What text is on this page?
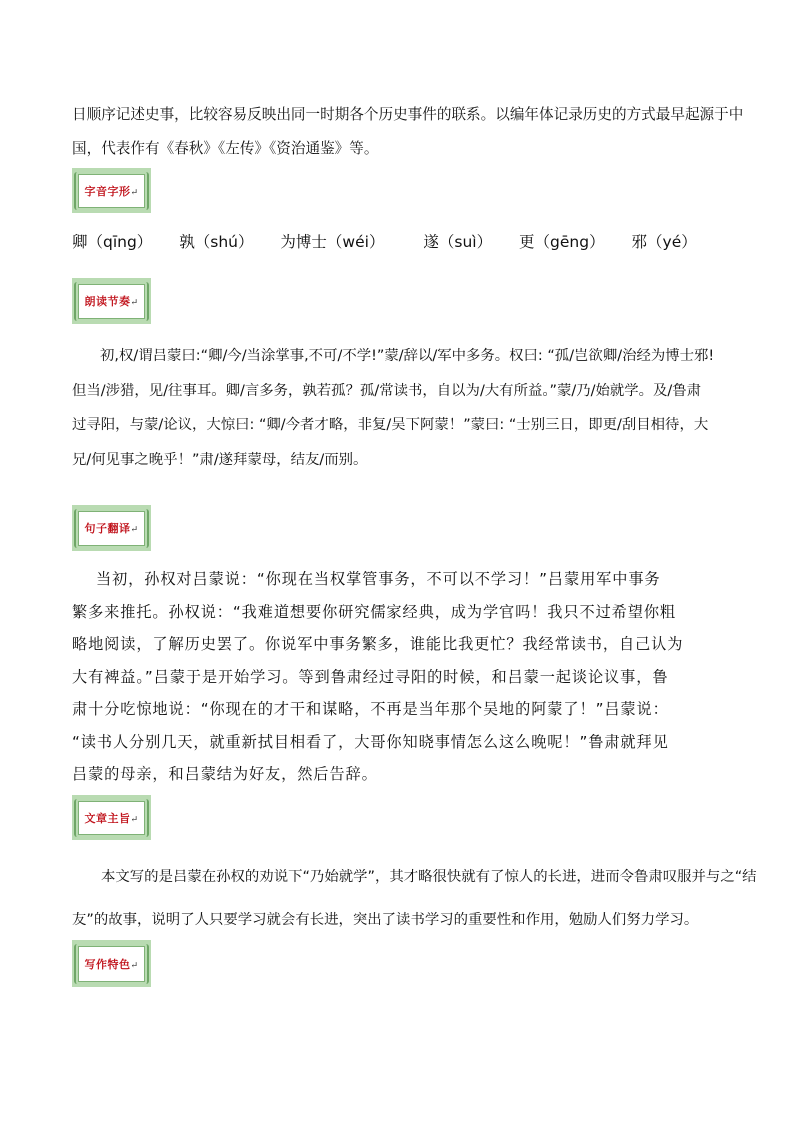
日顺序记述史事，比较容易反映出同一时期各个历史事件的联系。以编年体记录历史的方式最早起源于中
国，代表作有《春秋》《左传》《资治通鉴》等。
字音字形↵
卿（qīng） 孰（shú） 为博士（wéi）	遂（suì） 更（gēng） 邪（yé）
朗读节奏↵
初,权/谓吕蒙曰:“卿/今/当涂掌事,不可/不学!”蒙/辞以/军中多务。权曰: “孤/岂欲卿/治经为博士邪!
但当/涉猎，见/往事耳。卿/言多务，孰若孤？孤/常读书，自以为/大有所益。”蒙/乃/始就学。及/鲁肃
过寻阳，与蒙/论议，大惊曰: “卿/今者才略，非复/吴下阿蒙！”蒙曰: “士别三日，即更/刮目相待，大
兄/何见事之晚乎！”肃/遂拜蒙母，结友/而别。
句子翻译↵
当初，孙权对吕蒙说：“你现在当权掌管事务，不可以不学习！”吕蒙用军中事务
繁多来推托。孙权说：“我难道想要你研究儒家经典，成为学官吗！我只不过希望你粗
略地阅读，了解历史罢了。你说军中事务繁多，谁能比我更忙？我经常读书，自己认为
大有裨益。”吕蒙于是开始学习。等到鲁肃经过寻阳的时候，和吕蒙一起谈论议事，鲁
肃十分吃惊地说：“你现在的才干和谋略，不再是当年那个吴地的阿蒙了！”吕蒙说：
“读书人分别几天，就重新拭目相看了，大哥你知晓事情怎么这么晚呢！”鲁肃就拜见
吕蒙的母亲，和吕蒙结为好友，然后告辞。
文章主旨↵
本文写的是吕蒙在孙权的劝说下“乃始就学”，其才略很快就有了惊人的长进，进而令鲁肃叹服并与之“结
友”的故事，说明了人只要学习就会有长进，突出了读书学习的重要性和作用，勉励人们努力学习。
写作特色↵
